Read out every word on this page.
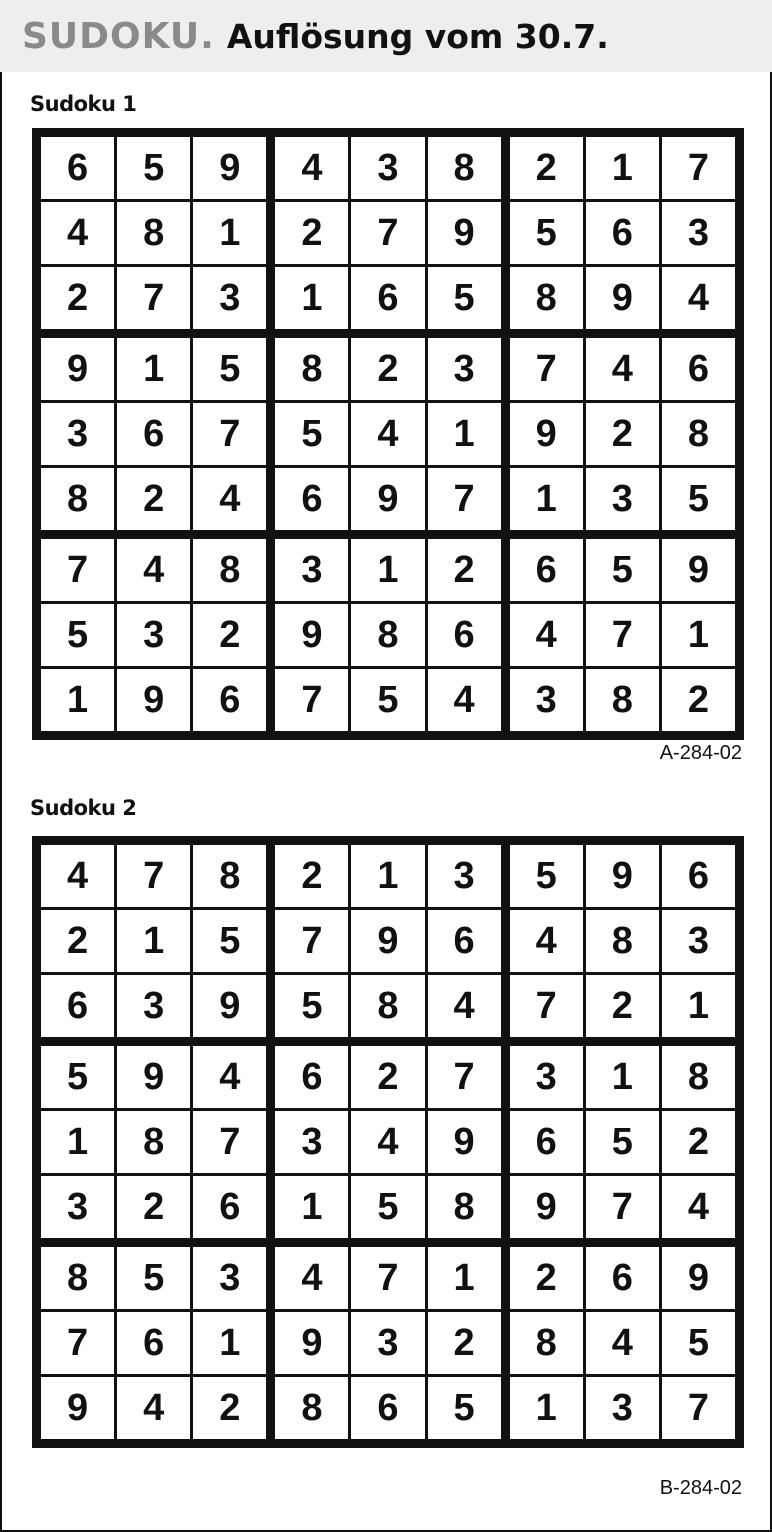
SUDOKU. Auflösung vom 30.7.
Sudoku 1
6	5	9	4	3	8	2	1	7
4	8	1	2	7	9	5	6	3
2	7	3	1	6	5	8	9	4
9	1	5	8	2	3	7	4	6
3	6	7	5	4	1	9	2	8
8	2	4	6	9	7	1	3	5
7	4	8	3	1	2	6	5	9
5	3	2	9	8	6	4	7	1
1	9	6	7	5	4	3	8	2
A-284-02
Sudoku 2
4	7	8	2	1	3	5	9	6
2	1	5	7	9	6	4	8	3
6	3	9	5	8	4	7	2	1
5	9	4	6	2	7	3	1	8
1	8	7	3	4	9	6	5	2
3	2	6	1	5	8	9	7	4
8	5	3	4	7	1	2	6	9
7	6	1	9	3	2	8	4	5
9	4	2	8	6	5	1	3	7
B-284-02
